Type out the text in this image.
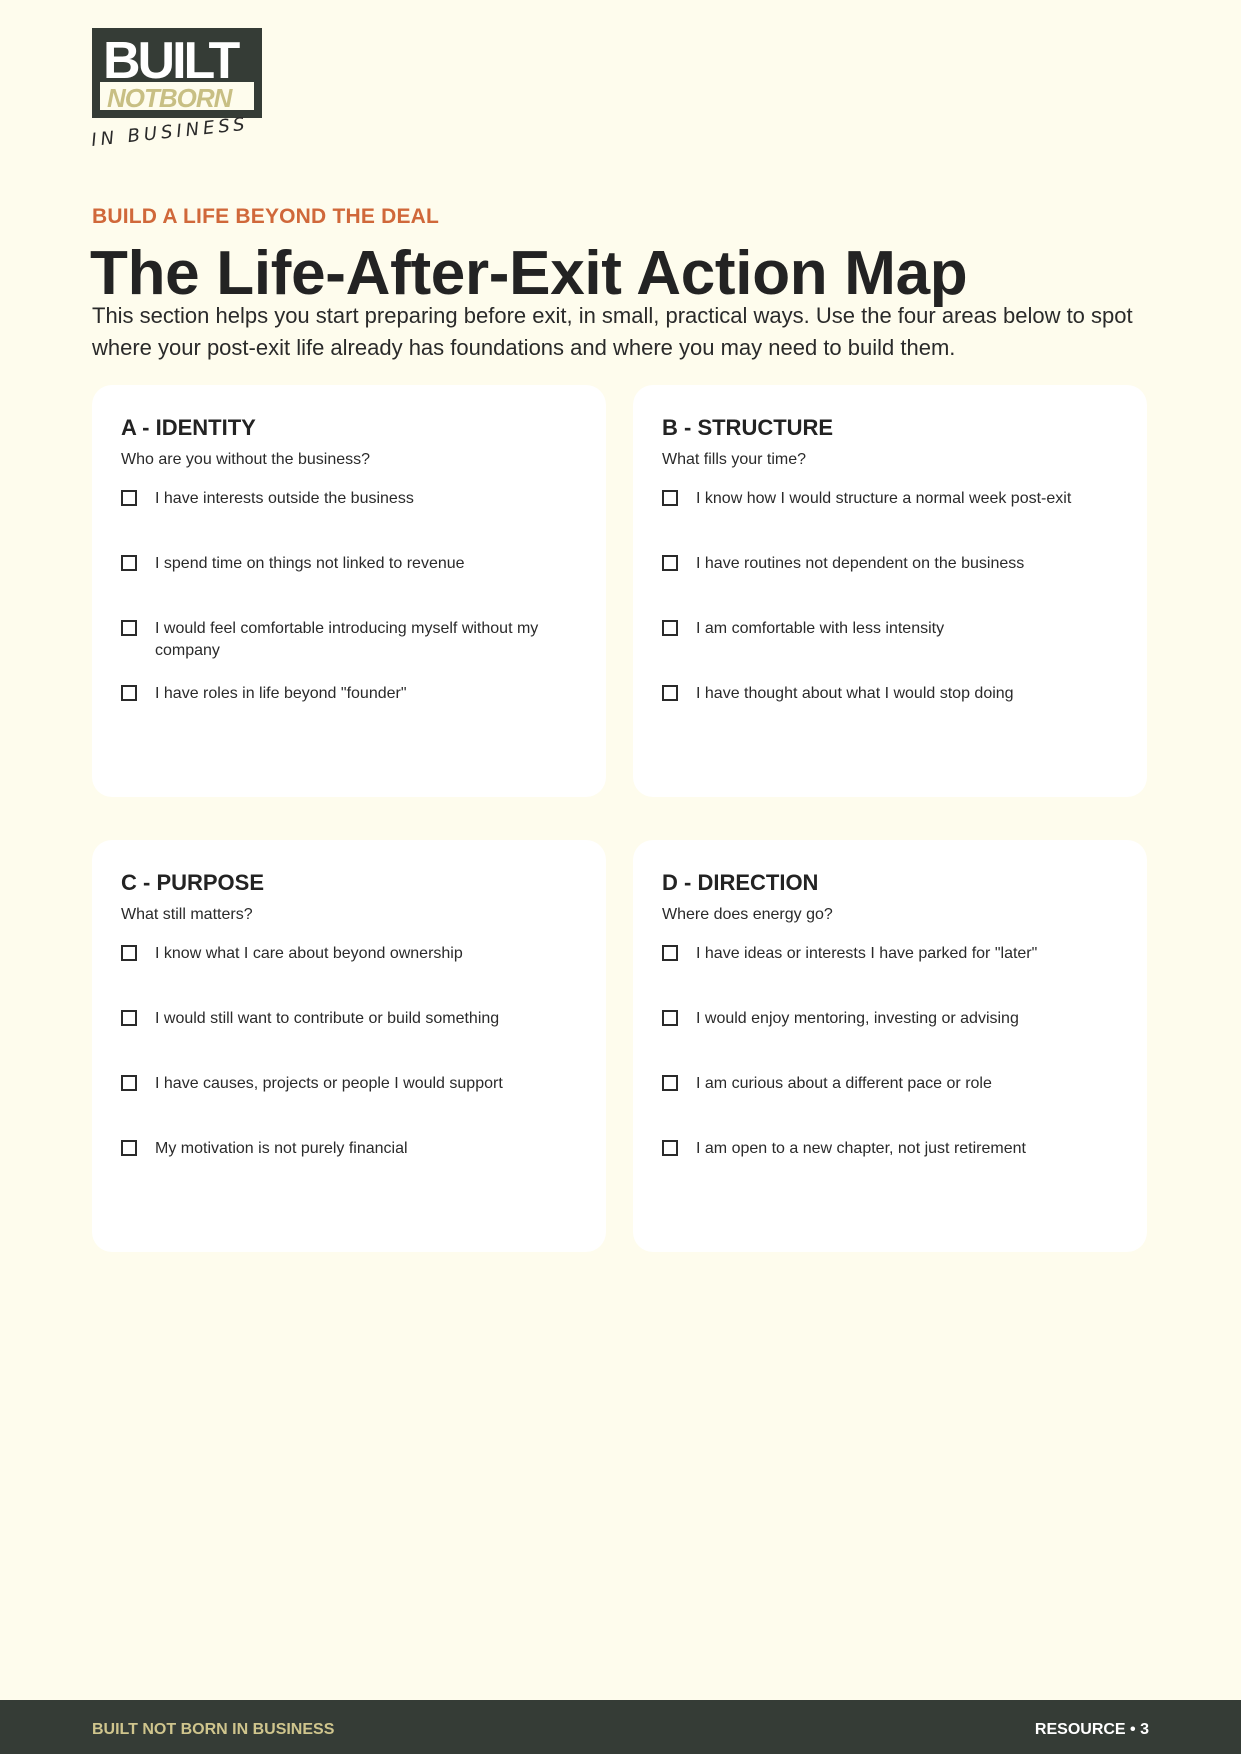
BUILT
NOTBORN
IN BUSINESS
BUILD A LIFE BEYOND THE DEAL
The Life-After-Exit Action Map

This section helps you start preparing before exit, in small, practical ways. Use the four areas below to spot where your post-exit life already has foundations and where you may need to build them.

A - IDENTITY
Who are you without the business?
I have interests outside the business
I spend time on things not linked to revenue
I would feel comfortable introducing myself without my company
I have roles in life beyond "founder"
B - STRUCTURE
What fills your time?
I know how I would structure a normal week post-exit
I have routines not dependent on the business
I am comfortable with less intensity
I have thought about what I would stop doing
C - PURPOSE
What still matters?
I know what I care about beyond ownership
I would still want to contribute or build something
I have causes, projects or people I would support
My motivation is not purely financial
D - DIRECTION
Where does energy go?
I have ideas or interests I have parked for "later"
I would enjoy mentoring, investing or advising
I am curious about a different pace or role
I am open to a new chapter, not just retirement
BUILT NOT BORN IN BUSINESS	RESOURCE • 3
